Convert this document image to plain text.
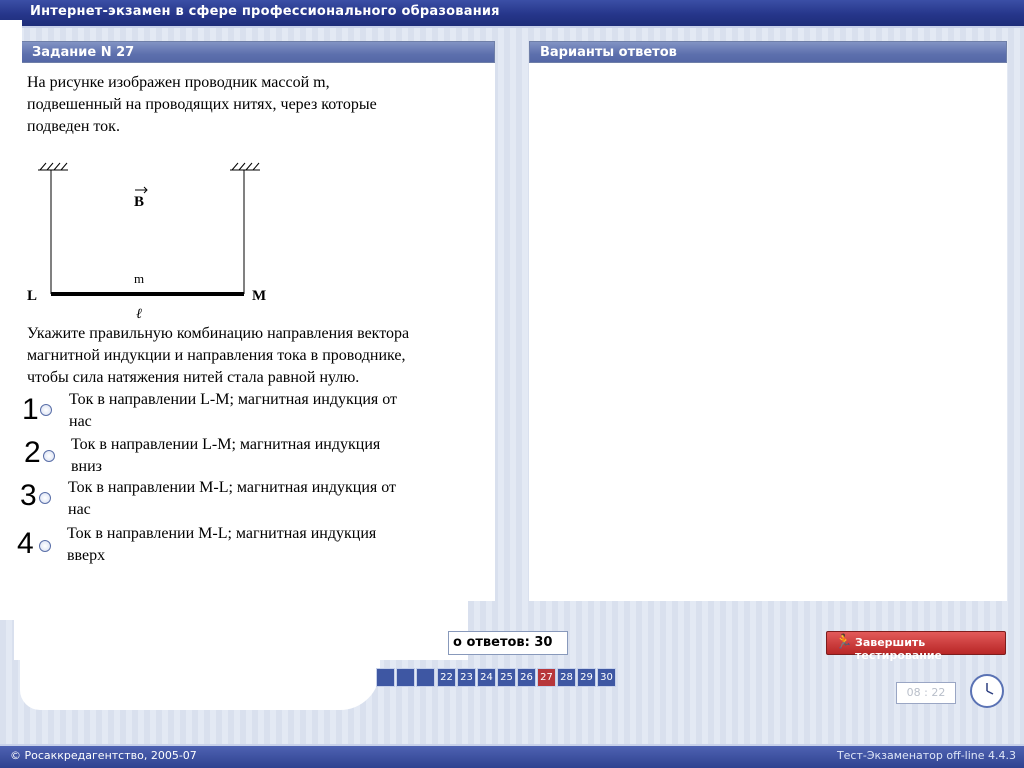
Интернет-экзамен в сфере профессионального образования
Задание N 27
На рисунке изображен проводник массой m,
подвешенный на проводящих нитях, через которые
подведен ток.
B
m
L	M
ℓ
Укажите правильную комбинацию направления вектора
магнитной индукции и направления тока в проводнике,
чтобы сила натяжения нитей стала равной нулю.
1 Ток в направлении L-M; магнитная индукция от
нас
2 Ток в направлении L-M; магнитная индукция
вниз
3 Ток в направлении M-L; магнитная индукция от
нас
4 Ток в направлении M-L; магнитная индукция
вверх
Варианты ответов
о ответов: 30	🏃 Завершить тестирование
22 23 24 25 26 27 28 29 30
08 : 22
© Росаккредагентство, 2005-07	Тест-Экзаменатор off-line 4.4.3
